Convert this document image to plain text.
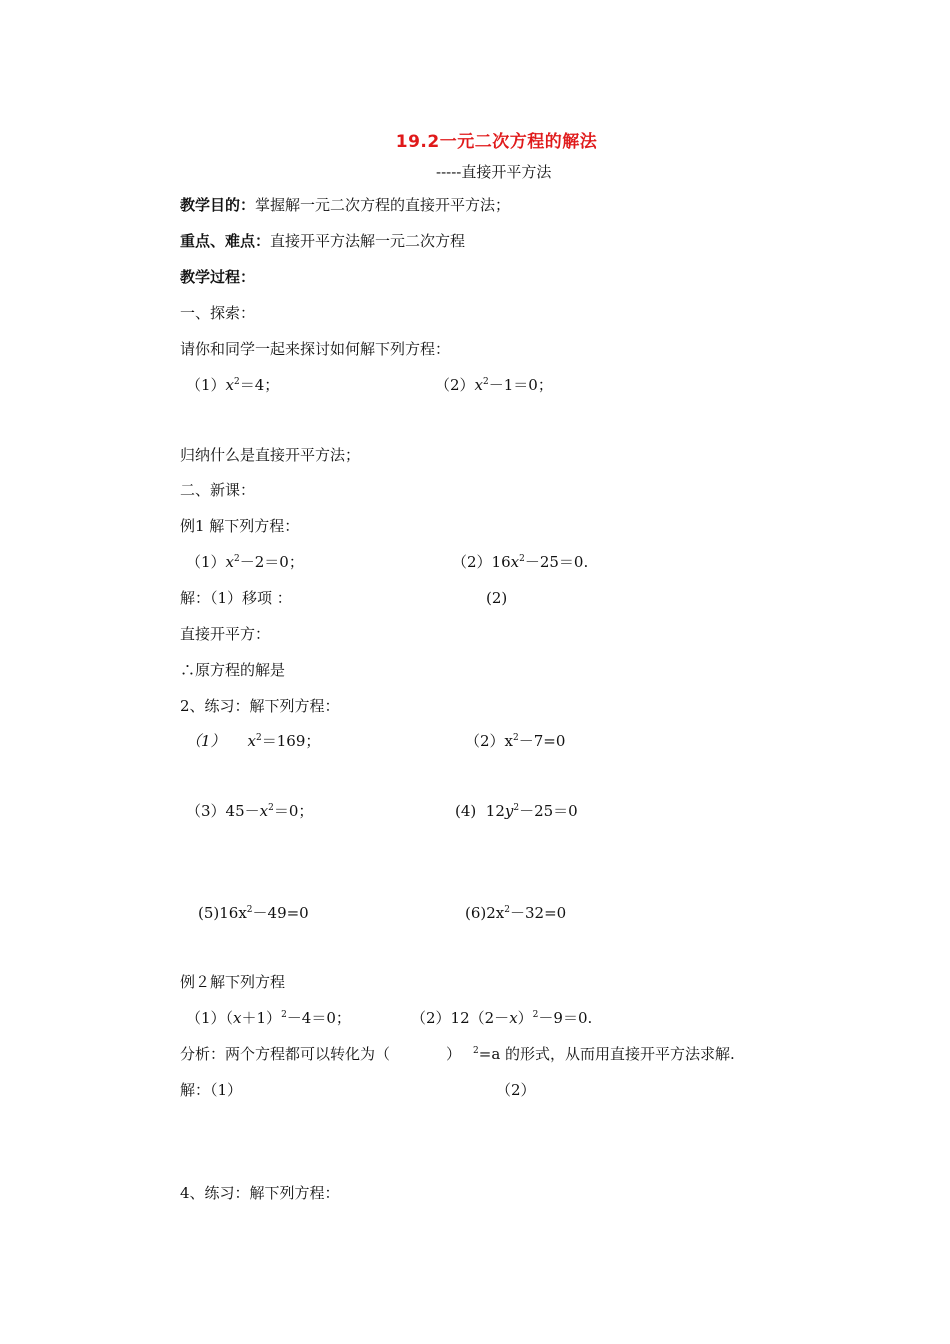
19.2一元二次方程的解法
-----直接开平方法
教学目的：掌握解一元二次方程的直接开平方法；
重点、难点：直接开平方法解一元二次方程
教学过程：
一、探索：
请你和同学一起来探讨如何解下列方程：
$(1)x^2=4$；	$(2)x^2-1=0$；
归纳什么是直接开平方法；
二、新课：
例1 解下列方程：
$(1)x^2-2=0$；	$(2)16x^2-25=0$.
解：（1）移项 ：	(2)
直接开平方：
∴原方程的解是
2、练习：解下列方程：
（1） $x^2=169$；	$(2)x^2-7=0$
$(3)45-x^2=0$；	(4)  $12y^2-25=0$
$(5)16x^2-49=0$	$(6)2x^2-32=0$
例２解下列方程
$(1)(x+1)^2-4=0$；	$(2)12(2-x)^2-9=0$.
分析：两个方程都可以转化为（	） $^2$=a 的形式，从而用直接开平方法求解.
解：（1）	（2）
4、练习：解下列方程：
